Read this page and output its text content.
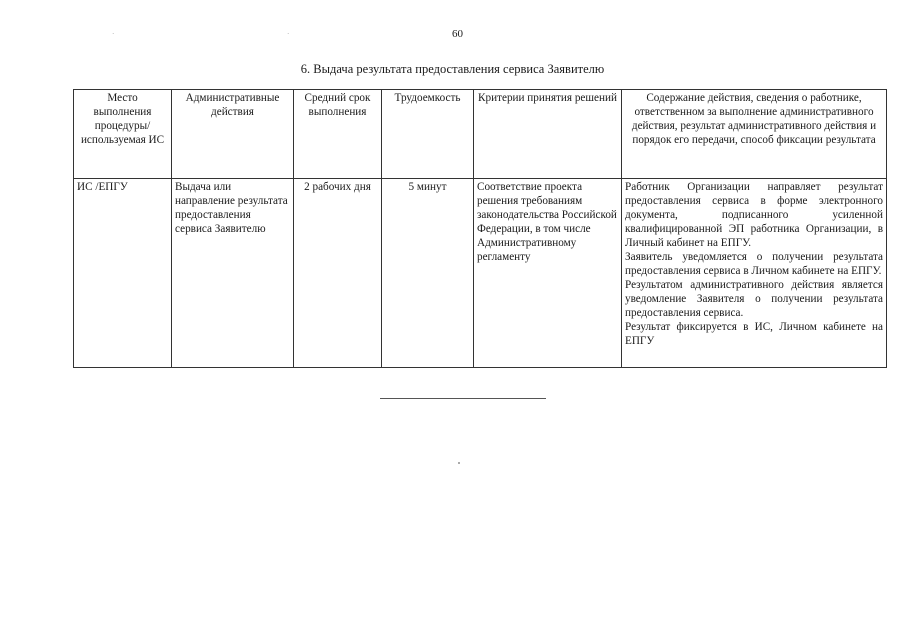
·	·	60
6. Выдача результата предоставления сервиса Заявителю
Место выполнения процедуры/используемая ИС	Административные действия	Средний срок выполнения	Трудоемкость	Критерии принятия решений	Содержание действия, сведения о работнике, ответственном за выполнение административного действия, результат административного действия и порядок его передачи, способ фиксации результата
ИС /ЕПГУ	Выдача или направление результата предоставления сервиса Заявителю	2 рабочих дня	5 минут	Соответствие проекта решения требованиям законодательства Российской Федерации, в том числе Административному регламенту	Работник Организации направляет результат предоставления сервиса в форме электронного документа, подписанного усиленной квалифицированной ЭП работника Организации, в Личный кабинет на ЕПГУ.
Заявитель уведомляется о получении результата предоставления сервиса в Личном кабинете на ЕПГУ.
Результатом административного действия является уведомление Заявителя о получении результата предоставления сервиса.
Результат фиксируется в ИС, Личном кабинете на ЕПГУ
